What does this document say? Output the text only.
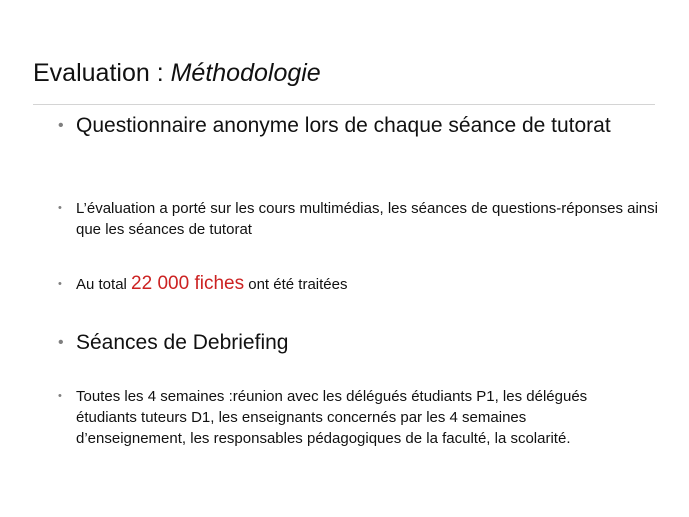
Evaluation : Méthodologie
• Questionnaire anonyme lors de chaque séance de tutorat
• L’évaluation a porté sur les cours multimédias, les séances de questions-réponses ainsi que les séances de tutorat
• Au total 22 000 fiches ont été traitées
• Séances de Debriefing
• Toutes les 4 semaines :réunion avec les délégués étudiants P1, les délégués étudiants tuteurs D1, les enseignants concernés par les 4 semaines d’enseignement, les responsables pédagogiques de la faculté, la scolarité.
